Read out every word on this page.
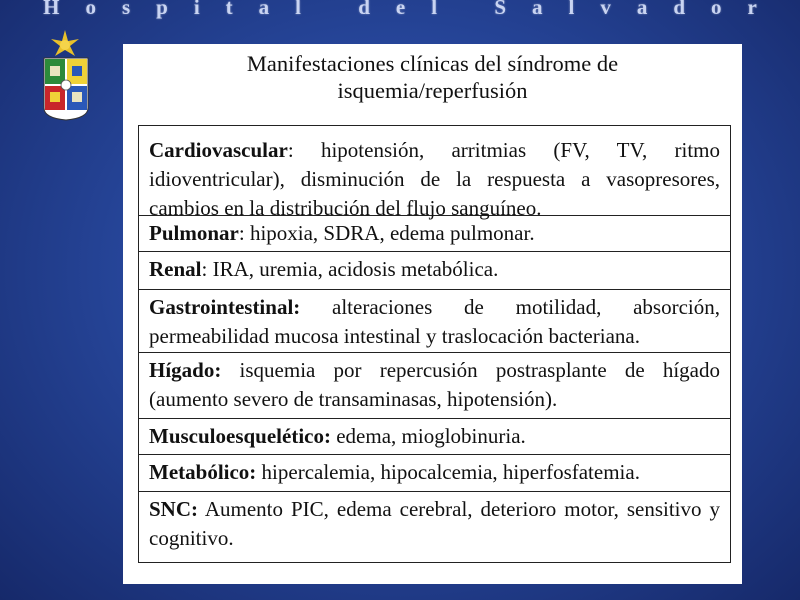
Hospital del Salvador
Manifestaciones clínicas del síndrome de
isquemia/reperfusión
Cardiovascular: hipotensión, arritmias (FV, TV, ritmo idioventricular), disminución de la respuesta a vasopresores, cambios en la distribución del flujo sanguíneo.
Pulmonar: hipoxia, SDRA, edema pulmonar.
Renal: IRA, uremia, acidosis metabólica.
Gastrointestinal: alteraciones de motilidad, absorción, permeabilidad mucosa intestinal y traslocación bacteriana.
Hígado: isquemia por repercusión postrasplante de hígado (aumento severo de transaminasas, hipotensión).
Musculoesquelético: edema, mioglobinuria.
Metabólico: hipercalemia, hipocalcemia, hiperfosfatemia.
SNC: Aumento PIC, edema cerebral, deterioro motor, sensitivo y cognitivo.
